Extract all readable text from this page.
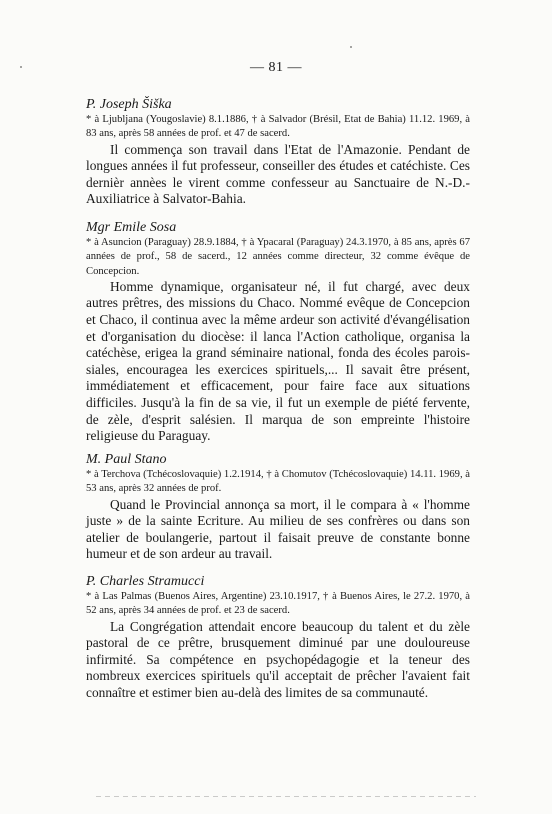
— 81 —

P. Joseph Šiška

* à Ljubljana (Yougoslavie) 8.1.1886, † à Salvador (Brésil, Etat de Bahia) 11.12. 1969, à 83 ans, après 58 années de prof. et 47 de sacerd.

Il commença son travail dans l'Etat de l'Amazonie. Pendant de longues années il fut professeur, conseiller des études et catéchiste. Ces dernièr annèes le virent comme confesseur au Sanctuaire de N.-D.-Auxiliatrice à Salvator-Bahia.

Mgr Emile Sosa

* à Asuncion (Paraguay) 28.9.1884, † à Ypacaral (Paraguay) 24.3.1970, à 85 ans, après 67 années de prof., 58 de sacerd., 12 années comme directeur, 32 comme évêque de Concepcion.

Homme dynamique, organisateur né, il fut chargé, avec deux autres prêtres, des missions du Chaco. Nommé evêque de Concepcion et Chaco, il continua avec la même ardeur son activité d'évangélisation et d'organisation du diocèse: il lanca l'Action catholique, organisa la catéchèse, erigea la grand séminaire national, fonda des écoles parois-siales, encouragea les exercices spirituels,... Il savait être présent, immédiatement et efficacement, pour faire face aux situations difficiles. Jusqu'à la fin de sa vie, il fut un exemple de piété fervente, de zèle, d'esprit salésien. Il marqua de son empreinte l'histoire religieuse du Paraguay.

M. Paul Stano

* à Terchova (Tchécoslovaquie) 1.2.1914, † à Chomutov (Tchécoslovaquie) 14.11. 1969, à 53 ans, après 32 années de prof.

Quand le Provincial annonça sa mort, il le compara à « l'homme juste » de la sainte Ecriture. Au milieu de ses confrères ou dans son atelier de boulangerie, partout il faisait preuve de constante bonne humeur et de son ardeur au travail.

P. Charles Stramucci

* à Las Palmas (Buenos Aires, Argentine) 23.10.1917, † à Buenos Aires, le 27.2. 1970, à 52 ans, après 34 années de prof. et 23 de sacerd.

La Congrégation attendait encore beaucoup du talent et du zèle pastoral de ce prêtre, brusquement diminué par une douloureuse infirmité. Sa compétence en psychopédagogie et la teneur des nombreux exercices spirituels qu'il acceptait de prêcher l'avaient fait connaître et estimer bien au-delà des limites de sa communauté.
